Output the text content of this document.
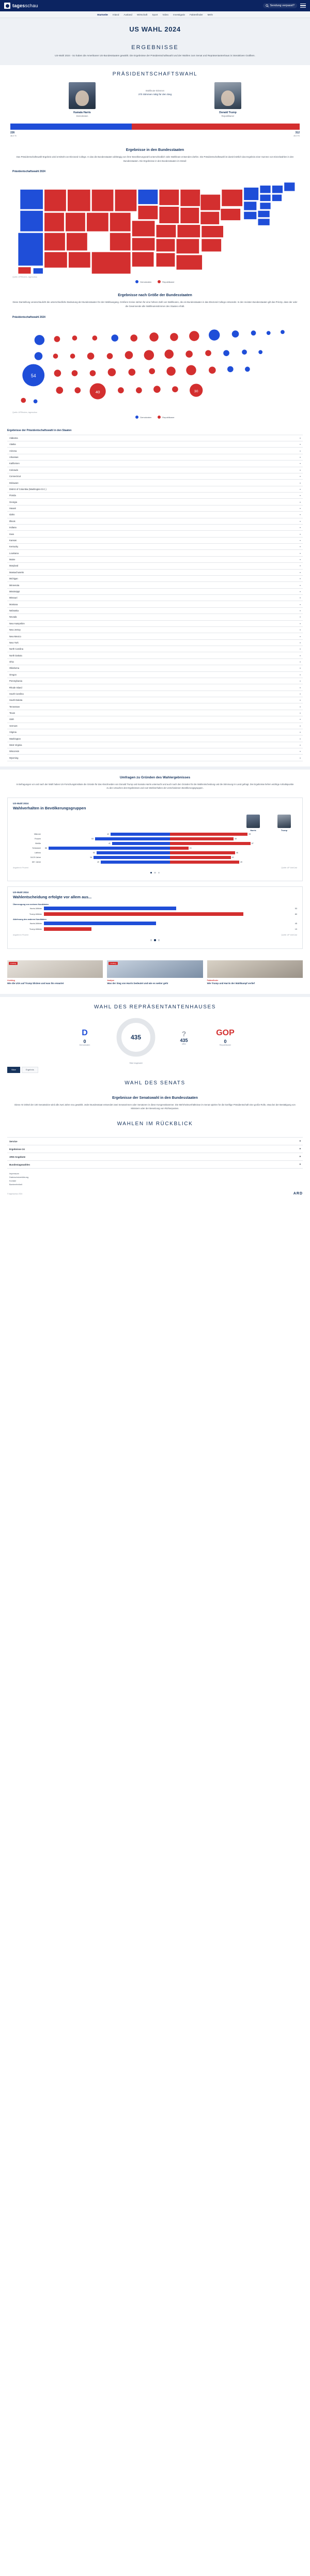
tagesschau	Sendung verpasst?
Startseite Inland Ausland Wirtschaft Sport Video Investigativ Faktenfinder Mehr
US WAHL 2024
ERGEBNISSE

US-Wahl 2024 - So haben die Amerikaner US-Bundesstaaten gewählt. Die Ergebnisse der Präsidentschaftswahl und der Wahlen zum Senat und Repräsentantenhaus in interaktiven Grafiken.

PRÄSIDENTSCHAFTSWAHL
Kamala Harris
Demokraten
Wahlleute-Stimmen
270 Stimmen nötig für den Sieg
Donald Trump
Republikaner
226	312
48,3 %	49,9 %
Ergebnisse in den Bundesstaaten

Das Präsidentschaftswahl-Ergebnis wird ermittelt von Electoral College. In das die Bundesstaaten abhängig von ihrer Bevölkerungszahl unterschiedlich viele Wahlleute entsenden dürfen. Die Präsidentschaftswahl ist damit letztlich das Ergebnis einer Summe von Einzelwahlen in den Bundesstaaten. Die Ergebnisse in den Bundesstaaten im Detail:

Präsidentschaftswahl 2024
Quelle: AP/Reuters, tagesschau
Demokraten	Republikaner
Ergebnisse nach Größe der Bundesstaaten

Diese Darstellung veranschaulicht die unterschiedliche Bedeutung der Bundesstaaten für den Wahlausgang. Größere Kreise stehen für eine höhere Zahl von Wahlleuten, die ein Bundesstaaten in das Electoral College entsendet. In den meisten Bundesstaaten gilt das Prinzip, dass der oder die Gewinnende alle Wahlleutenstimmen des Staates erhält.

Präsidentschaftswahl 2024
54
40	30
Quelle: AP/Reuters, tagesschau
Demokraten	Republikaner
Ergebnisse der Präsidentschaftswahl in den Staaten
Alabama	▾
Alaska	▾
Arizona	▾
Arkansas	▾
Kalifornien	▾
Colorado	▾
Connecticut	▾
Delaware	▾
District of Columbia (Washington D.C.)	▾
Florida	▾
Georgia	▾
Hawaii	▾
Idaho	▾
Illinois	▾
Indiana	▾
Iowa	▾
Kansas	▾
Kentucky	▾
Louisiana	▾
Maine	▾
Maryland	▾
Massachusetts	▾
Michigan	▾
Minnesota	▾
Mississippi	▾
Missouri	▾
Montana	▾
Nebraska	▾
Nevada	▾
New Hampshire	▾
New Jersey	▾
New Mexico	▾
New York	▾
North Carolina	▾
North Dakota	▾
Ohio	▾
Oklahoma	▾
Oregon	▾
Pennsylvania	▾
Rhode Island	▾
South Carolina	▾
South Dakota	▾
Tennessee	▾
Texas	▾
Utah	▾
Vermont	▾
Virginia	▾
Washington	▾
West Virginia	▾
Wisconsin	▾
Wyoming	▾
Umfragen zu Gründen des Wahlergebnisses

In Befragungen vor und nach der Wahl haben US-Forschungsinstitute die Gründe für das Abschneiden von Donald Trump und Kamala Harris untersucht und auch nach den Gründen für die Wahlentscheidung und die Stimmung im Land gefragt. Die Ergebnisse liefern wichtige Anhaltspunkte zu den Ursachen des Ergebnisses und zum Wahlverhalten der verschiedenen Bevölkerungsgruppen.

US-Wahl 2024
Wahlverhalten in Bevölkerungsgruppen
Harris	Trump
Männer	42	55
Frauen	53	45
Weiße	41	57
Schwarze	86	13
Latinos	52	46
18-29 Jahre	54	43
65+ Jahre	49	49
Angaben in Prozent	Quelle: AP VoteCast
US-Wahl 2024
Wahlentscheidung erfolgte vor allem aus...
Überzeugung von meinem Kandidaten
Harris-Wähler	53
Trump-Wähler	80
Ablehnung des anderen Kandidaten
Harris-Wähler	45
Trump-Wähler	19
Angaben in Prozent	Quelle: AP VoteCast
Liveblog
Liveblog
Wie die USA auf Trump blicken und was ihn erwartet
Liveblog
Analyse
Was der Sieg von Harris bedeutet und wie es weiter geht
Faktenfinder
Wie Trump und Harris der Wahlkampf verlief
WAHL DES REPRÄSENTANTENHAUSES
D
0
Demokraten
435
Sitze insgesamt
?
435
offen
GOP
0
Republikaner
Sitze	Ergebnis
WAHL DES SENATS
Ergebnisse der Senatswahl in den Bundesstaaten

Diese Art Drittel der 100 Senatssitze wird alle zwei Jahre neu gewählt. Jeder Bundesstaat entsendet zwei Senatorinnen oder Senatoren in diese Kongresskammer. Die Mehrheitsverhältnisse im Senat spielen für die künftige Präsidentschaft eine große Rolle, etwa bei der Bestätigung von Ministern oder der Besetzung von Richterposten.

WAHLEN IM RÜCKBLICK
Service	▾
Ergebnisse 24	▾
ARD-Angebote	▾
Bundestagswahlen	▾
Impressum
Datenschutzerklärung
Kontakt
Barrierefreiheit
© tagesschau 2024	ARD
